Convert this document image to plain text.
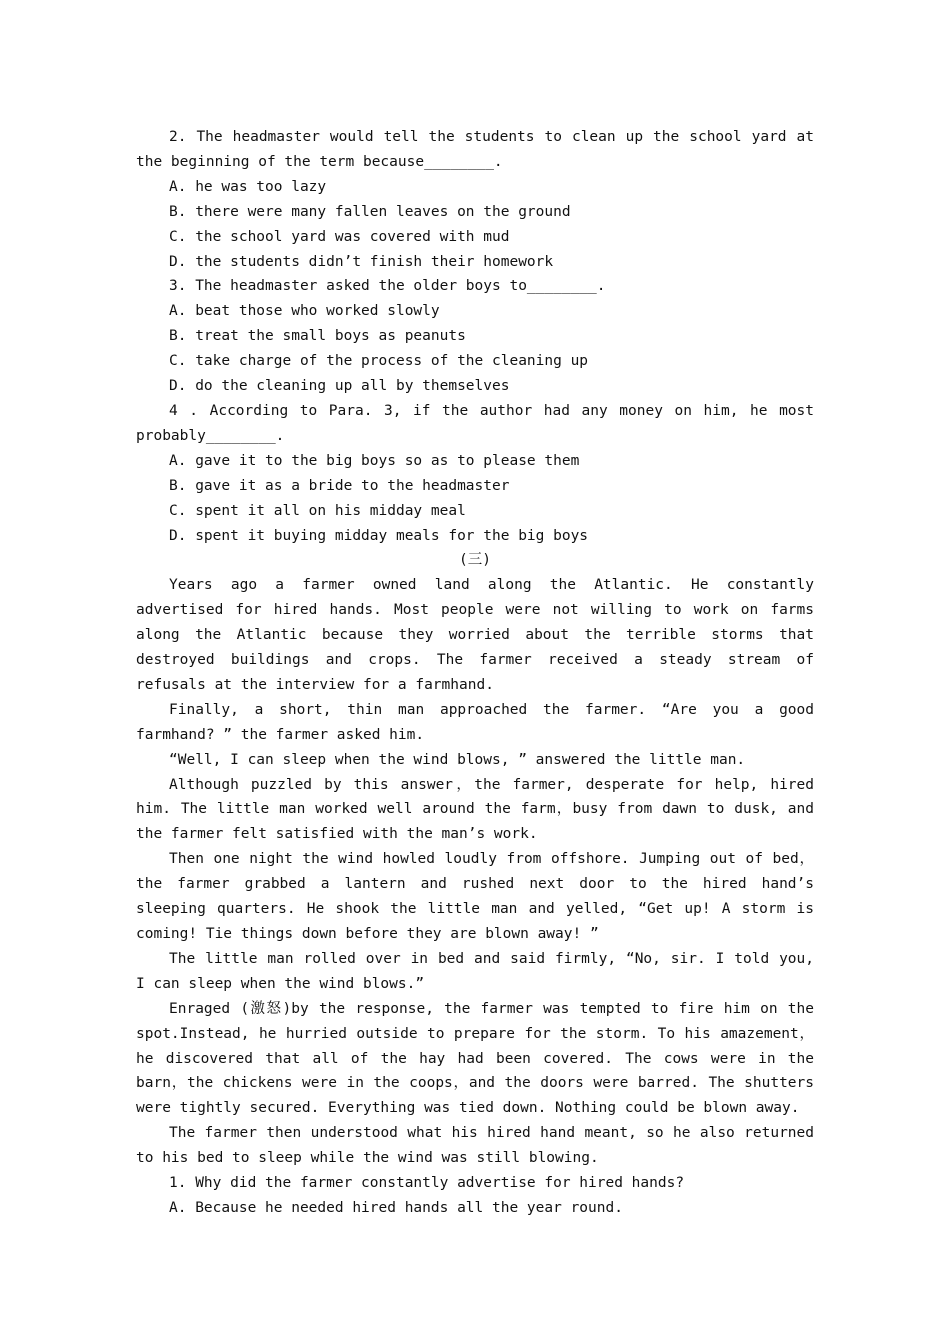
2. The headmaster would tell the students to clean up the school yard at the beginning of the term because________.

A. he was too lazy

B. there were many fallen leaves on the ground

C. the school yard was covered with mud

D. the students didn’t finish their homework

3. The headmaster asked the older boys to________.

A. beat those who worked slowly

B. treat the small boys as peanuts

C. take charge of the process of the cleaning up

D. do the cleaning up all by themselves

4 . According to Para. 3, if the author had any money on him, he most probably________.

A. gave it to the big boys so as to please them

B. gave it as a bride to the headmaster

C. spent it all on his midday meal

D. spent it buying midday meals for the big boys

(三)

Years ago a farmer owned land along the Atlantic. He constantly advertised for hired hands. Most people were not willing to work on farms along the Atlantic because they worried about the terrible storms that destroyed buildings and crops. The farmer received a steady stream of refusals at the interview for a farmhand.

Finally, a short, thin man approached the farmer. “Are you a good farmhand? ” the farmer asked him.

“Well, I can sleep when the wind blows, ” answered the little man.

Although puzzled by this answer，the farmer, desperate for help, hired him. The little man worked well around the farm，busy from dawn to dusk, and the farmer felt satisfied with the man’s work.

Then one night the wind howled loudly from offshore. Jumping out of bed，the farmer grabbed a lantern and rushed next door to the hired hand’s sleeping quarters. He shook the little man and yelled, “Get up! A storm is coming! Tie things down before they are blown away! ”

The little man rolled over in bed and said firmly, “No, sir. I told you, I can sleep when the wind blows.”

Enraged (激怒)by the response, the farmer was tempted to fire him on the spot.Instead, he hurried outside to prepare for the storm. To his amazement，he discovered that all of the hay had been covered. The cows were in the barn，the chickens were in the coops，and the doors were barred. The shutters were tightly secured. Everything was tied down. Nothing could be blown away.

The farmer then understood what his hired hand meant, so he also returned to his bed to sleep while the wind was still blowing.

1. Why did the farmer constantly advertise for hired hands?

A. Because he needed hired hands all the year round.
